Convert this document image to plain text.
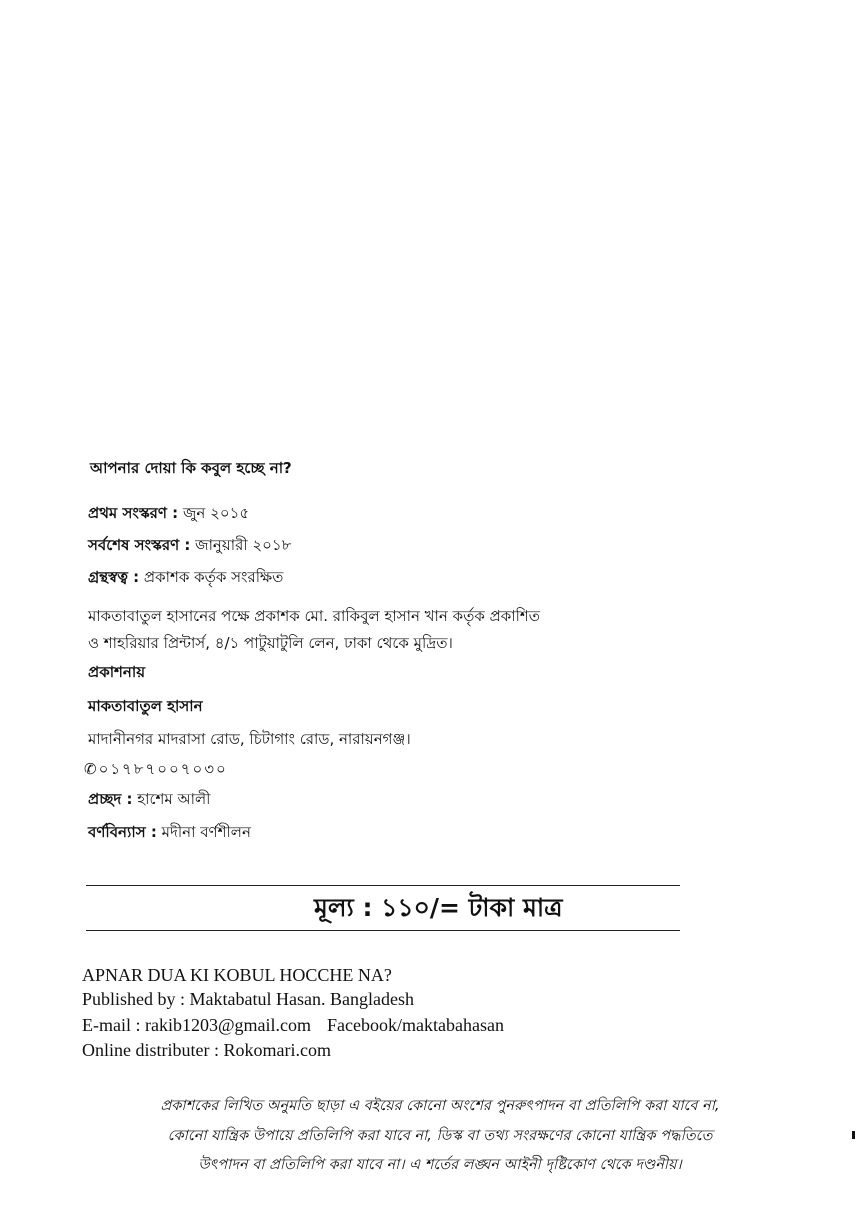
আপনার দোয়া কি কবুল হচ্ছে না?
প্রথম সংস্করণ : জুন ২০১৫
সর্বশেষ সংস্করণ : জানুয়ারী ২০১৮
গ্রন্থস্বত্ব : প্রকাশক কর্তৃক সংরক্ষিত
মাকতাবাতুল হাসানের পক্ষে প্রকাশক মো. রাকিবুল হাসান খান কর্তৃক প্রকাশিত
ও শাহরিয়ার প্রিন্টার্স, ৪/১ পাটুয়াটুলি লেন, ঢাকা থেকে মুদ্রিত।
প্রকাশনায়
মাকতাবাতুল হাসান
মাদানীনগর মাদরাসা রোড, চিটাগাং রোড, নারায়নগঞ্জ।
✆০১৭৮৭০০৭০৩০
প্রচ্ছদ : হাশেম আলী
বর্ণবিন্যাস : মদীনা বর্ণশীলন
মূল্য : ১১০/= টাকা মাত্র
APNAR DUA KI KOBUL HOCCHE NA?
Published by : Maktabatul Hasan. Bangladesh
E-mail : rakib1203@gmail.com Facebook/maktabahasan
Online distributer : Rokomari.com
প্রকাশকের লিখিত অনুমতি ছাড়া এ বইয়ের কোনো অংশের পুনরুৎপাদন বা প্রতিলিপি করা যাবে না,
কোনো যান্ত্রিক উপায়ে প্রতিলিপি করা যাবে না, ডিস্ক বা তথ্য সংরক্ষণের কোনো যান্ত্রিক পদ্ধতিতে
উৎপাদন বা প্রতিলিপি করা যাবে না। এ শর্তের লঙ্ঘন আইনী দৃষ্টিকোণ থেকে দণ্ডনীয়।
